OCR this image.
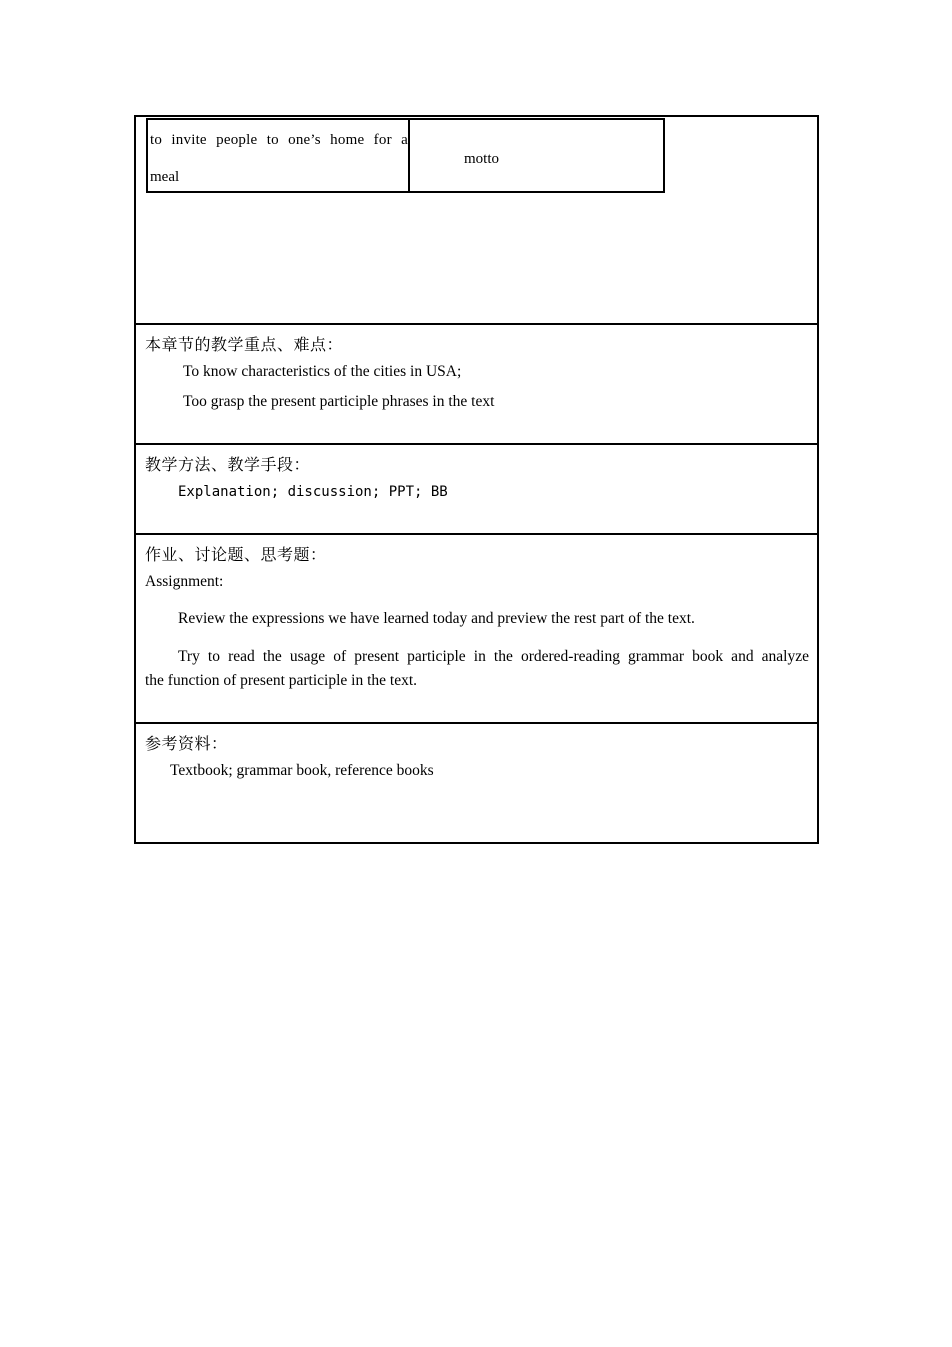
to invite people to one’s home for a
meal
motto
本章节的教学重点、难点：
To know characteristics of the cities in USA;
Too grasp the present participle phrases in the text
教学方法、教学手段：
Explanation; discussion; PPT; BB
作业、讨论题、思考题：
Assignment:
Review the expressions we have learned today and preview the rest part of the text.
Try to read the usage of present participle in the ordered-reading grammar book and analyze
the function of present participle in the text.
参考资料：
Textbook; grammar book, reference books
